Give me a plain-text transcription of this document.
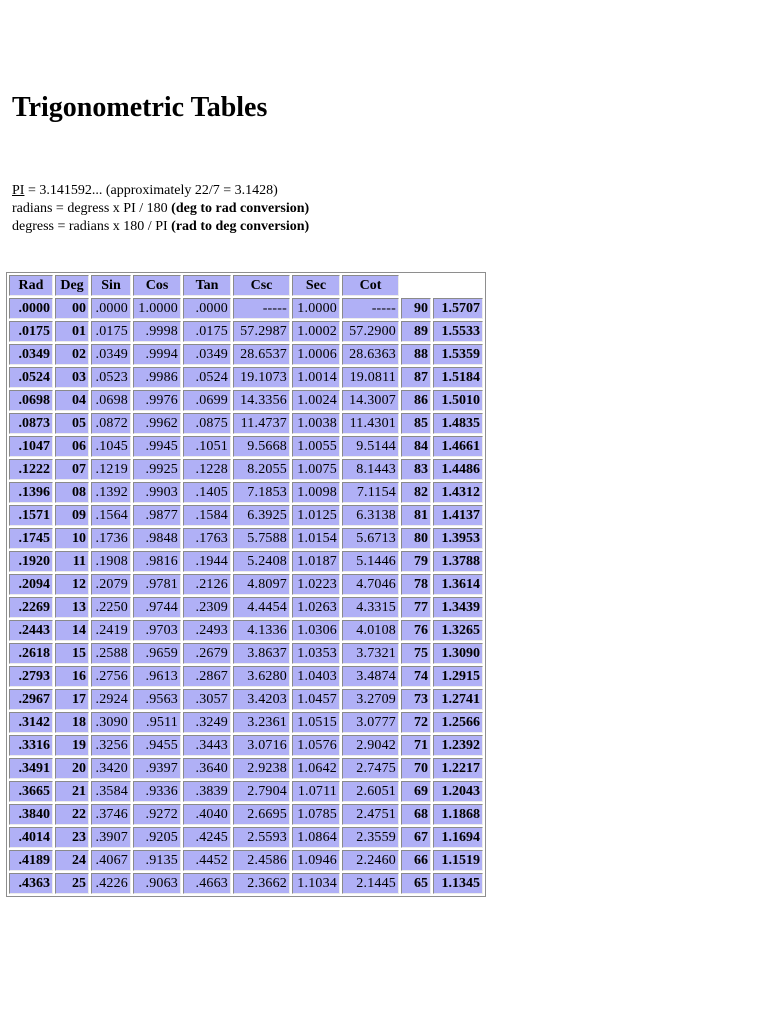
Trigonometric Tables
PI = 3.141592... (approximately 22/7 = 3.1428)
radians = degress x PI / 180 (deg to rad conversion)
degress = radians x 180 / PI (rad to deg conversion)
Rad	Deg	Sin	Cos	Tan	Csc	Sec	Cot		
.0000	00	.0000	1.0000	.0000	-----	1.0000	-----	90	1.5707
.0175	01	.0175	.9998	.0175	57.2987	1.0002	57.2900	89	1.5533
.0349	02	.0349	.9994	.0349	28.6537	1.0006	28.6363	88	1.5359
.0524	03	.0523	.9986	.0524	19.1073	1.0014	19.0811	87	1.5184
.0698	04	.0698	.9976	.0699	14.3356	1.0024	14.3007	86	1.5010
.0873	05	.0872	.9962	.0875	11.4737	1.0038	11.4301	85	1.4835
.1047	06	.1045	.9945	.1051	9.5668	1.0055	9.5144	84	1.4661
.1222	07	.1219	.9925	.1228	8.2055	1.0075	8.1443	83	1.4486
.1396	08	.1392	.9903	.1405	7.1853	1.0098	7.1154	82	1.4312
.1571	09	.1564	.9877	.1584	6.3925	1.0125	6.3138	81	1.4137
.1745	10	.1736	.9848	.1763	5.7588	1.0154	5.6713	80	1.3953
.1920	11	.1908	.9816	.1944	5.2408	1.0187	5.1446	79	1.3788
.2094	12	.2079	.9781	.2126	4.8097	1.0223	4.7046	78	1.3614
.2269	13	.2250	.9744	.2309	4.4454	1.0263	4.3315	77	1.3439
.2443	14	.2419	.9703	.2493	4.1336	1.0306	4.0108	76	1.3265
.2618	15	.2588	.9659	.2679	3.8637	1.0353	3.7321	75	1.3090
.2793	16	.2756	.9613	.2867	3.6280	1.0403	3.4874	74	1.2915
.2967	17	.2924	.9563	.3057	3.4203	1.0457	3.2709	73	1.2741
.3142	18	.3090	.9511	.3249	3.2361	1.0515	3.0777	72	1.2566
.3316	19	.3256	.9455	.3443	3.0716	1.0576	2.9042	71	1.2392
.3491	20	.3420	.9397	.3640	2.9238	1.0642	2.7475	70	1.2217
.3665	21	.3584	.9336	.3839	2.7904	1.0711	2.6051	69	1.2043
.3840	22	.3746	.9272	.4040	2.6695	1.0785	2.4751	68	1.1868
.4014	23	.3907	.9205	.4245	2.5593	1.0864	2.3559	67	1.1694
.4189	24	.4067	.9135	.4452	2.4586	1.0946	2.2460	66	1.1519
.4363	25	.4226	.9063	.4663	2.3662	1.1034	2.1445	65	1.1345
